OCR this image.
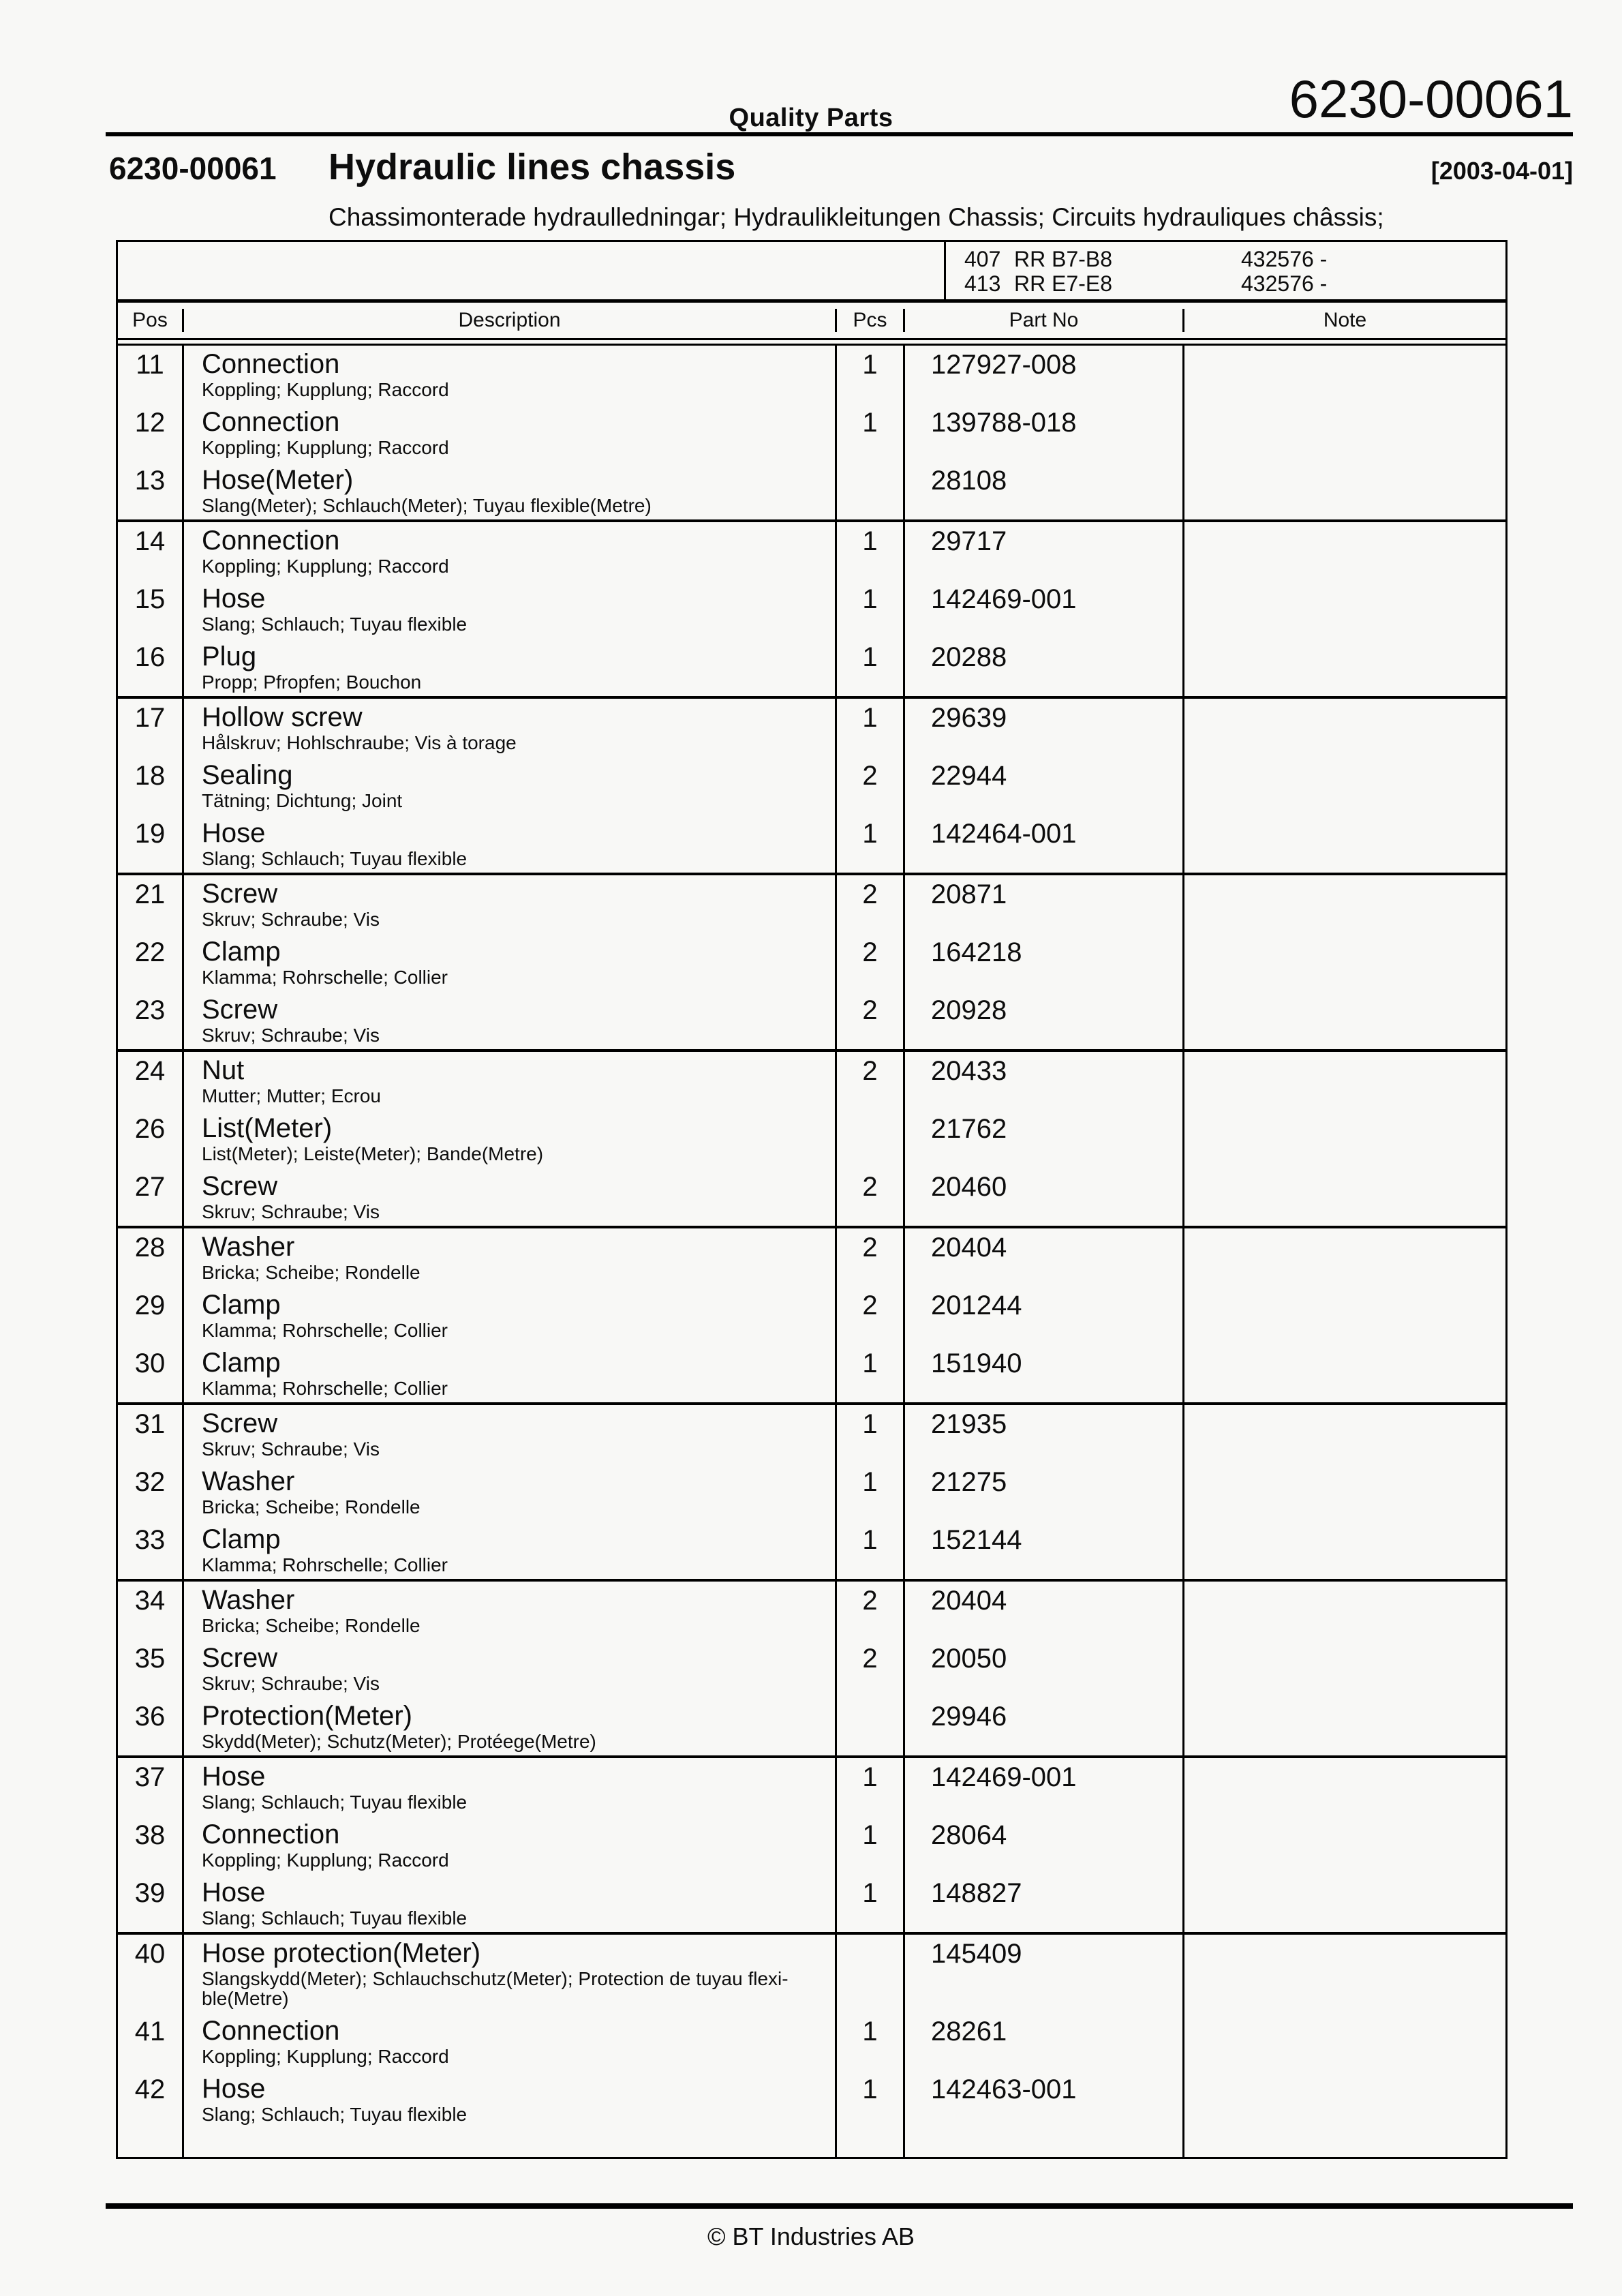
Quality Parts	6230-00061
6230-00061	Hydraulic lines chassis	[2003-04-01]
Chassimonterade hydraulledningar; Hydraulikleitungen Chassis; Circuits hydrauliques châssis;
407 RR B7-B8	432576 -
413 RR E7-E8	432576 -
Pos	Description	Pcs	Part No	Note
11	Connection
Koppling; Kupplung; Raccord
1	127927-008
12	Connection
Koppling; Kupplung; Raccord
1	139788-018
13	Hose(Meter)
Slang(Meter); Schlauch(Meter); Tuyau flexible(Metre)
28108
14	Connection
Koppling; Kupplung; Raccord
1	29717
15	Hose
Slang; Schlauch; Tuyau flexible
1	142469-001
16	Plug
Propp; Pfropfen; Bouchon
1	20288
17	Hollow screw
Hålskruv; Hohlschraube; Vis à torage
1	29639
18	Sealing
Tätning; Dichtung; Joint
2	22944
19	Hose
Slang; Schlauch; Tuyau flexible
1	142464-001
21	Screw
Skruv; Schraube; Vis
2	20871
22	Clamp
Klamma; Rohrschelle; Collier
2	164218
23	Screw
Skruv; Schraube; Vis
2	20928
24	Nut
Mutter; Mutter; Ecrou
2	20433
26	List(Meter)
List(Meter); Leiste(Meter); Bande(Metre)
21762
27	Screw
Skruv; Schraube; Vis
2	20460
28	Washer
Bricka; Scheibe; Rondelle
2	20404
29	Clamp
Klamma; Rohrschelle; Collier
2	201244
30	Clamp
Klamma; Rohrschelle; Collier
1	151940
31	Screw
Skruv; Schraube; Vis
1	21935
32	Washer
Bricka; Scheibe; Rondelle
1	21275
33	Clamp
Klamma; Rohrschelle; Collier
1	152144
34	Washer
Bricka; Scheibe; Rondelle
2	20404
35	Screw
Skruv; Schraube; Vis
2	20050
36	Protection(Meter)
Skydd(Meter); Schutz(Meter); Protéege(Metre)
29946
37	Hose
Slang; Schlauch; Tuyau flexible
1	142469-001
38	Connection
Koppling; Kupplung; Raccord
1	28064
39	Hose
Slang; Schlauch; Tuyau flexible
1	148827
40	Hose protection(Meter)
Slangskydd(Meter); Schlauchschutz(Meter); Protection de tuyau flexi-ble(Metre)
145409
41	Connection
Koppling; Kupplung; Raccord
1	28261
42	Hose
Slang; Schlauch; Tuyau flexible
1	142463-001
© BT Industries AB
